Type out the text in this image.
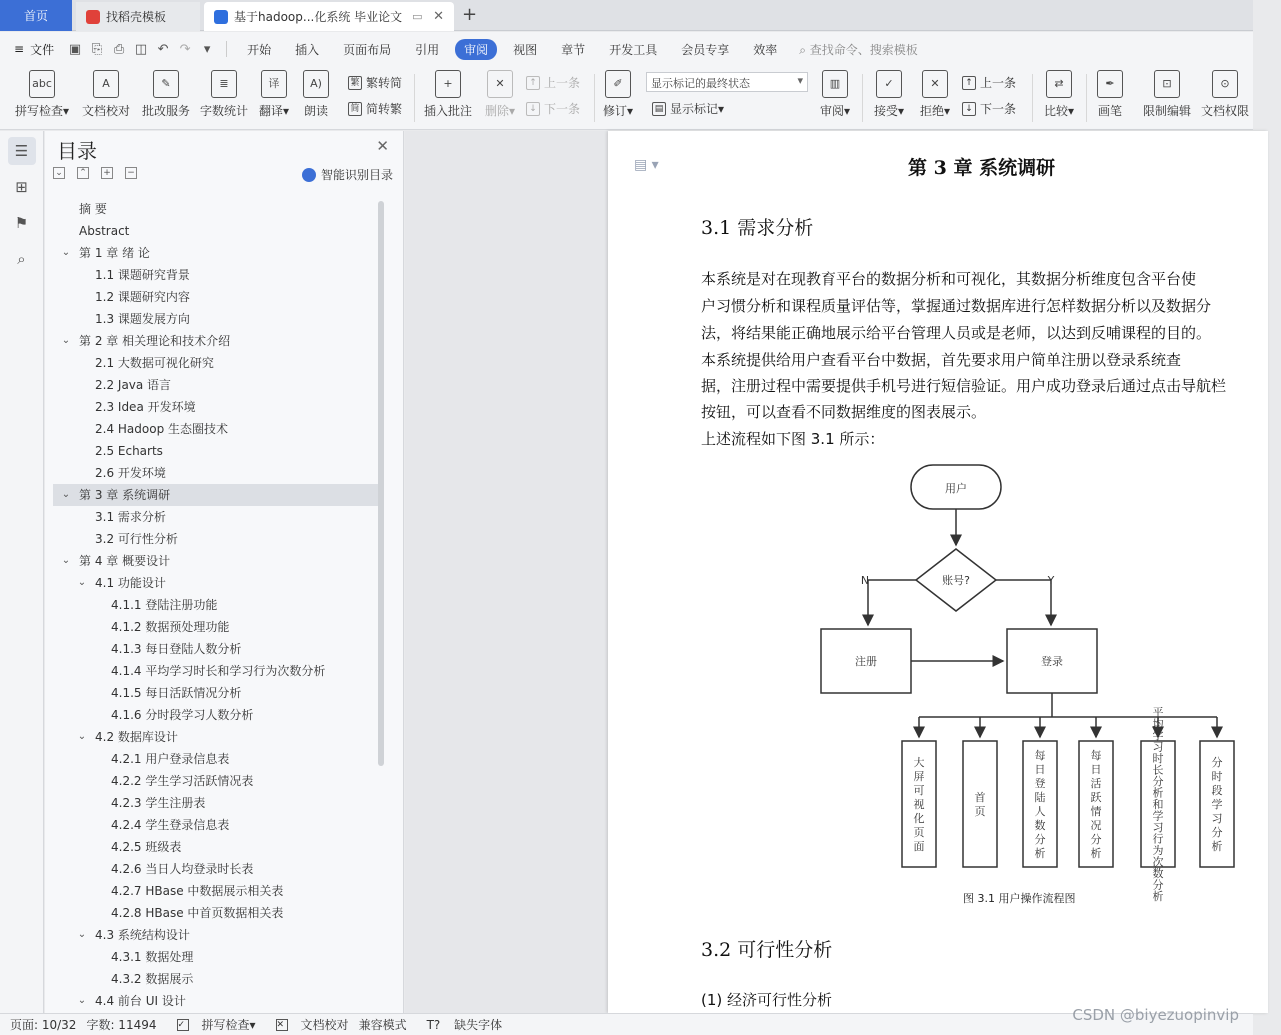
首页	找稻壳模板	基于hadoop...化系统 毕业论文 ▭ ✕ +
≡ 文件	▣ ⎘ ⎙ ◫ ↶ ↷	▾	开始	插入	页面布局	引用	审阅	视图	章节	开发工具	会员专享	效率	⌕ 查找命令、搜索模板
abc
拼写检查▾
A
文档校对
✎
批改服务
≣
字数统计
译
翻译▾
A)
朗读
繁 繁转简
简 简转繁
+
插入批注
✕
删除▾
↑ 上一条
↓ 下一条
✐
修订▾
显示标记的最终状态 ▾
▤ 显示标记 ▾
▥
审阅▾
✓
接受▾
✕
拒绝▾
↑ 上一条
↓ 下一条
⇄
比较▾
✒
画笔
⊡
限制编辑
⊙
文档权限
☰
⊞
⚑
⌕
目录	✕
⌄ ⌃ + −	智能识别目录
摘 要
Abstract
⌄ 第 1 章 绪 论
1.1 课题研究背景
1.2 课题研究内容
1.3 课题发展方向
⌄ 第 2 章 相关理论和技术介绍
2.1 大数据可视化研究
2.2 Java 语言
2.3 Idea 开发环境
2.4 Hadoop 生态圈技术
2.5 Echarts
2.6 开发环境
⌄ 第 3 章 系统调研
3.1 需求分析
3.2 可行性分析
⌄ 第 4 章 概要设计
⌄ 4.1 功能设计
4.1.1 登陆注册功能
4.1.2 数据预处理功能
4.1.3 每日登陆人数分析
4.1.4 平均学习时长和学习行为次数分析
4.1.5 每日活跃情况分析
4.1.6 分时段学习人数分析
⌄ 4.2 数据库设计
4.2.1 用户登录信息表
4.2.2 学生学习活跃情况表
4.2.3 学生注册表
4.2.4 学生登录信息表
4.2.5 班级表
4.2.6 当日人均登录时长表
4.2.7 HBase 中数据展示相关表
4.2.8 HBase 中首页数据相关表
⌄ 4.3 系统结构设计
4.3.1 数据处理
4.3.2 数据展示
⌄ 4.4 前台 UI 设计
▤ ▾	第 3 章 系统调研
3.1 需求分析
本系统是对在现教育平台的数据分析和可视化，其数据分析维度包含平台使
户习惯分析和课程质量评估等，掌握通过数据库进行怎样数据分析以及数据分
法，将结果能正确地展示给平台管理人员或是老师，以达到反哺课程的目的。
本系统提供给用户查看平台中数据，首先要求用户简单注册以登录系统查
据，注册过程中需要提供手机号进行短信验证。用户成功登录后通过点击导航栏
按钮，可以查看不同数据维度的图表展示。
上述流程如下图 3.1 所示：
用户
账号?
N	Y
注册	登录
大屏可视化页面
首页
每日登陆人数分析
每日活跃情况分析
平均学习时长分析和学习行为次数分析
分时段学习分析
图 3.1 用户操作流程图
3.2 可行性分析
(1) 经济可行性分析
页面: 10/32 字数: 11494 ✓ 拼写检查 ▾ ✕ 文档校对 兼容模式 T?
缺失字体
CSDN @biyezuopinvip
